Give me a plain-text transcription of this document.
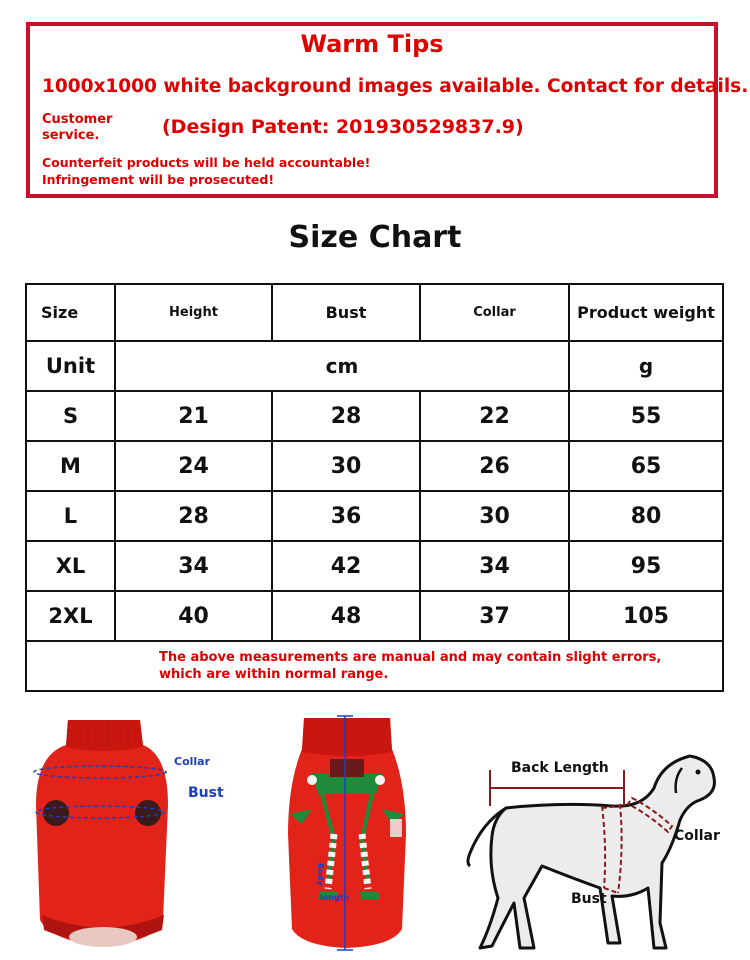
Warm Tips
1000x1000 white background images available. Contact for details.
Customer
service.	(Design Patent: 201930529837.9)
Counterfeit products will be held accountable!
Infringement will be prosecuted!
Size Chart
Size	Height	Bust	Collar	Product weight
Unit	cm			g
S	21	28	22	55
M	24	30	26	65
L	28	36	30	80
XL	34	42	34	95
2XL	40	48	37	105

The above measurements are manual and may contain slight errors,
which are within normal range.				
Collar
Bust
Body
length
Back Length
Collar
Bust
